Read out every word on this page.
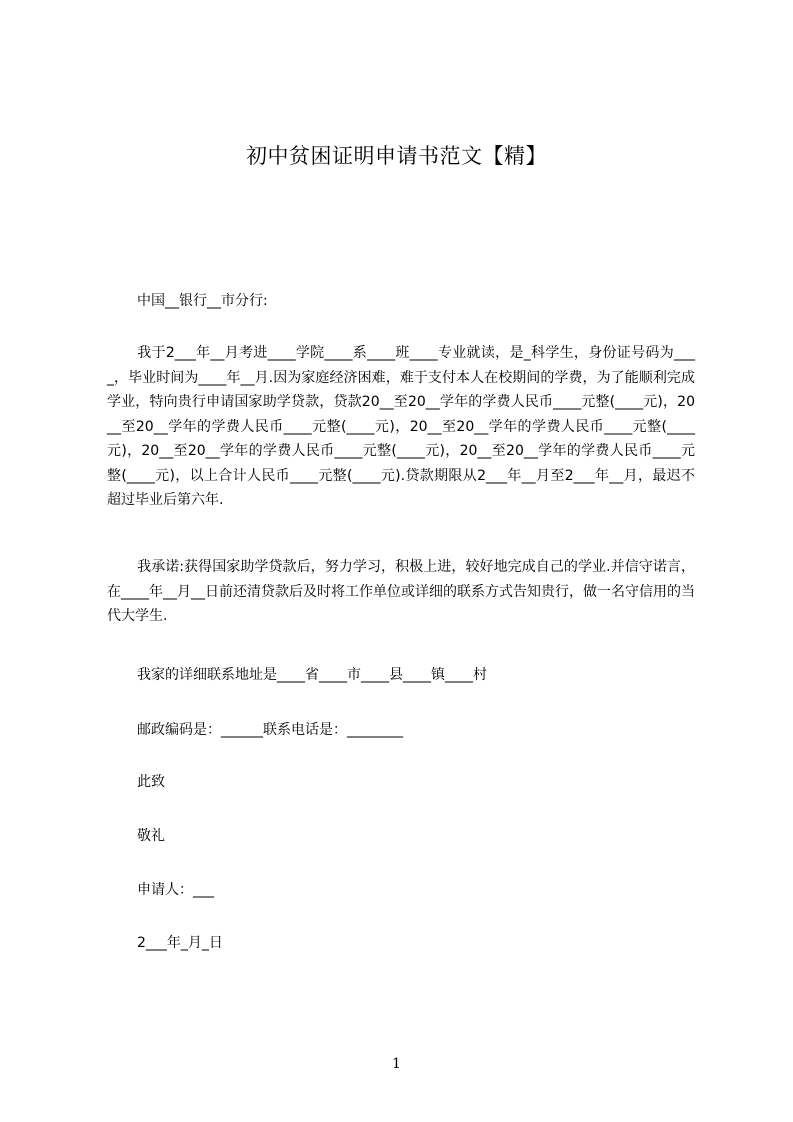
初中贫困证明申请书范文【精】

中国__银行__市分行:

我于2___年__月考进____学院____系____班____专业就读，是_科学生，身份证号码为____，毕业时间为____年__月.因为家庭经济困难，难于支付本人在校期间的学费，为了能顺利完成学业，特向贵行申请国家助学贷款，贷款20__至20__学年的学费人民币____元整(____元)，20__至20__学年的学费人民币____元整(____元)，20__至20__学年的学费人民币____元整(____元)，20__至20__学年的学费人民币____元整(____元)，20__至20__学年的学费人民币____元整(____元)，以上合计人民币____元整(____元).贷款期限从2___年__月至2___年__月，最迟不超过毕业后第六年.

我承诺:获得国家助学贷款后，努力学习，积极上进，较好地完成自己的学业.并信守诺言，在____年__月__日前还清贷款后及时将工作单位或详细的联系方式告知贵行，做一名守信用的当代大学生.

我家的详细联系地址是____省____市____县____镇____村

邮政编码是：______联系电话是：________

此致

敬礼

申请人：___

2___年_月_日

1
